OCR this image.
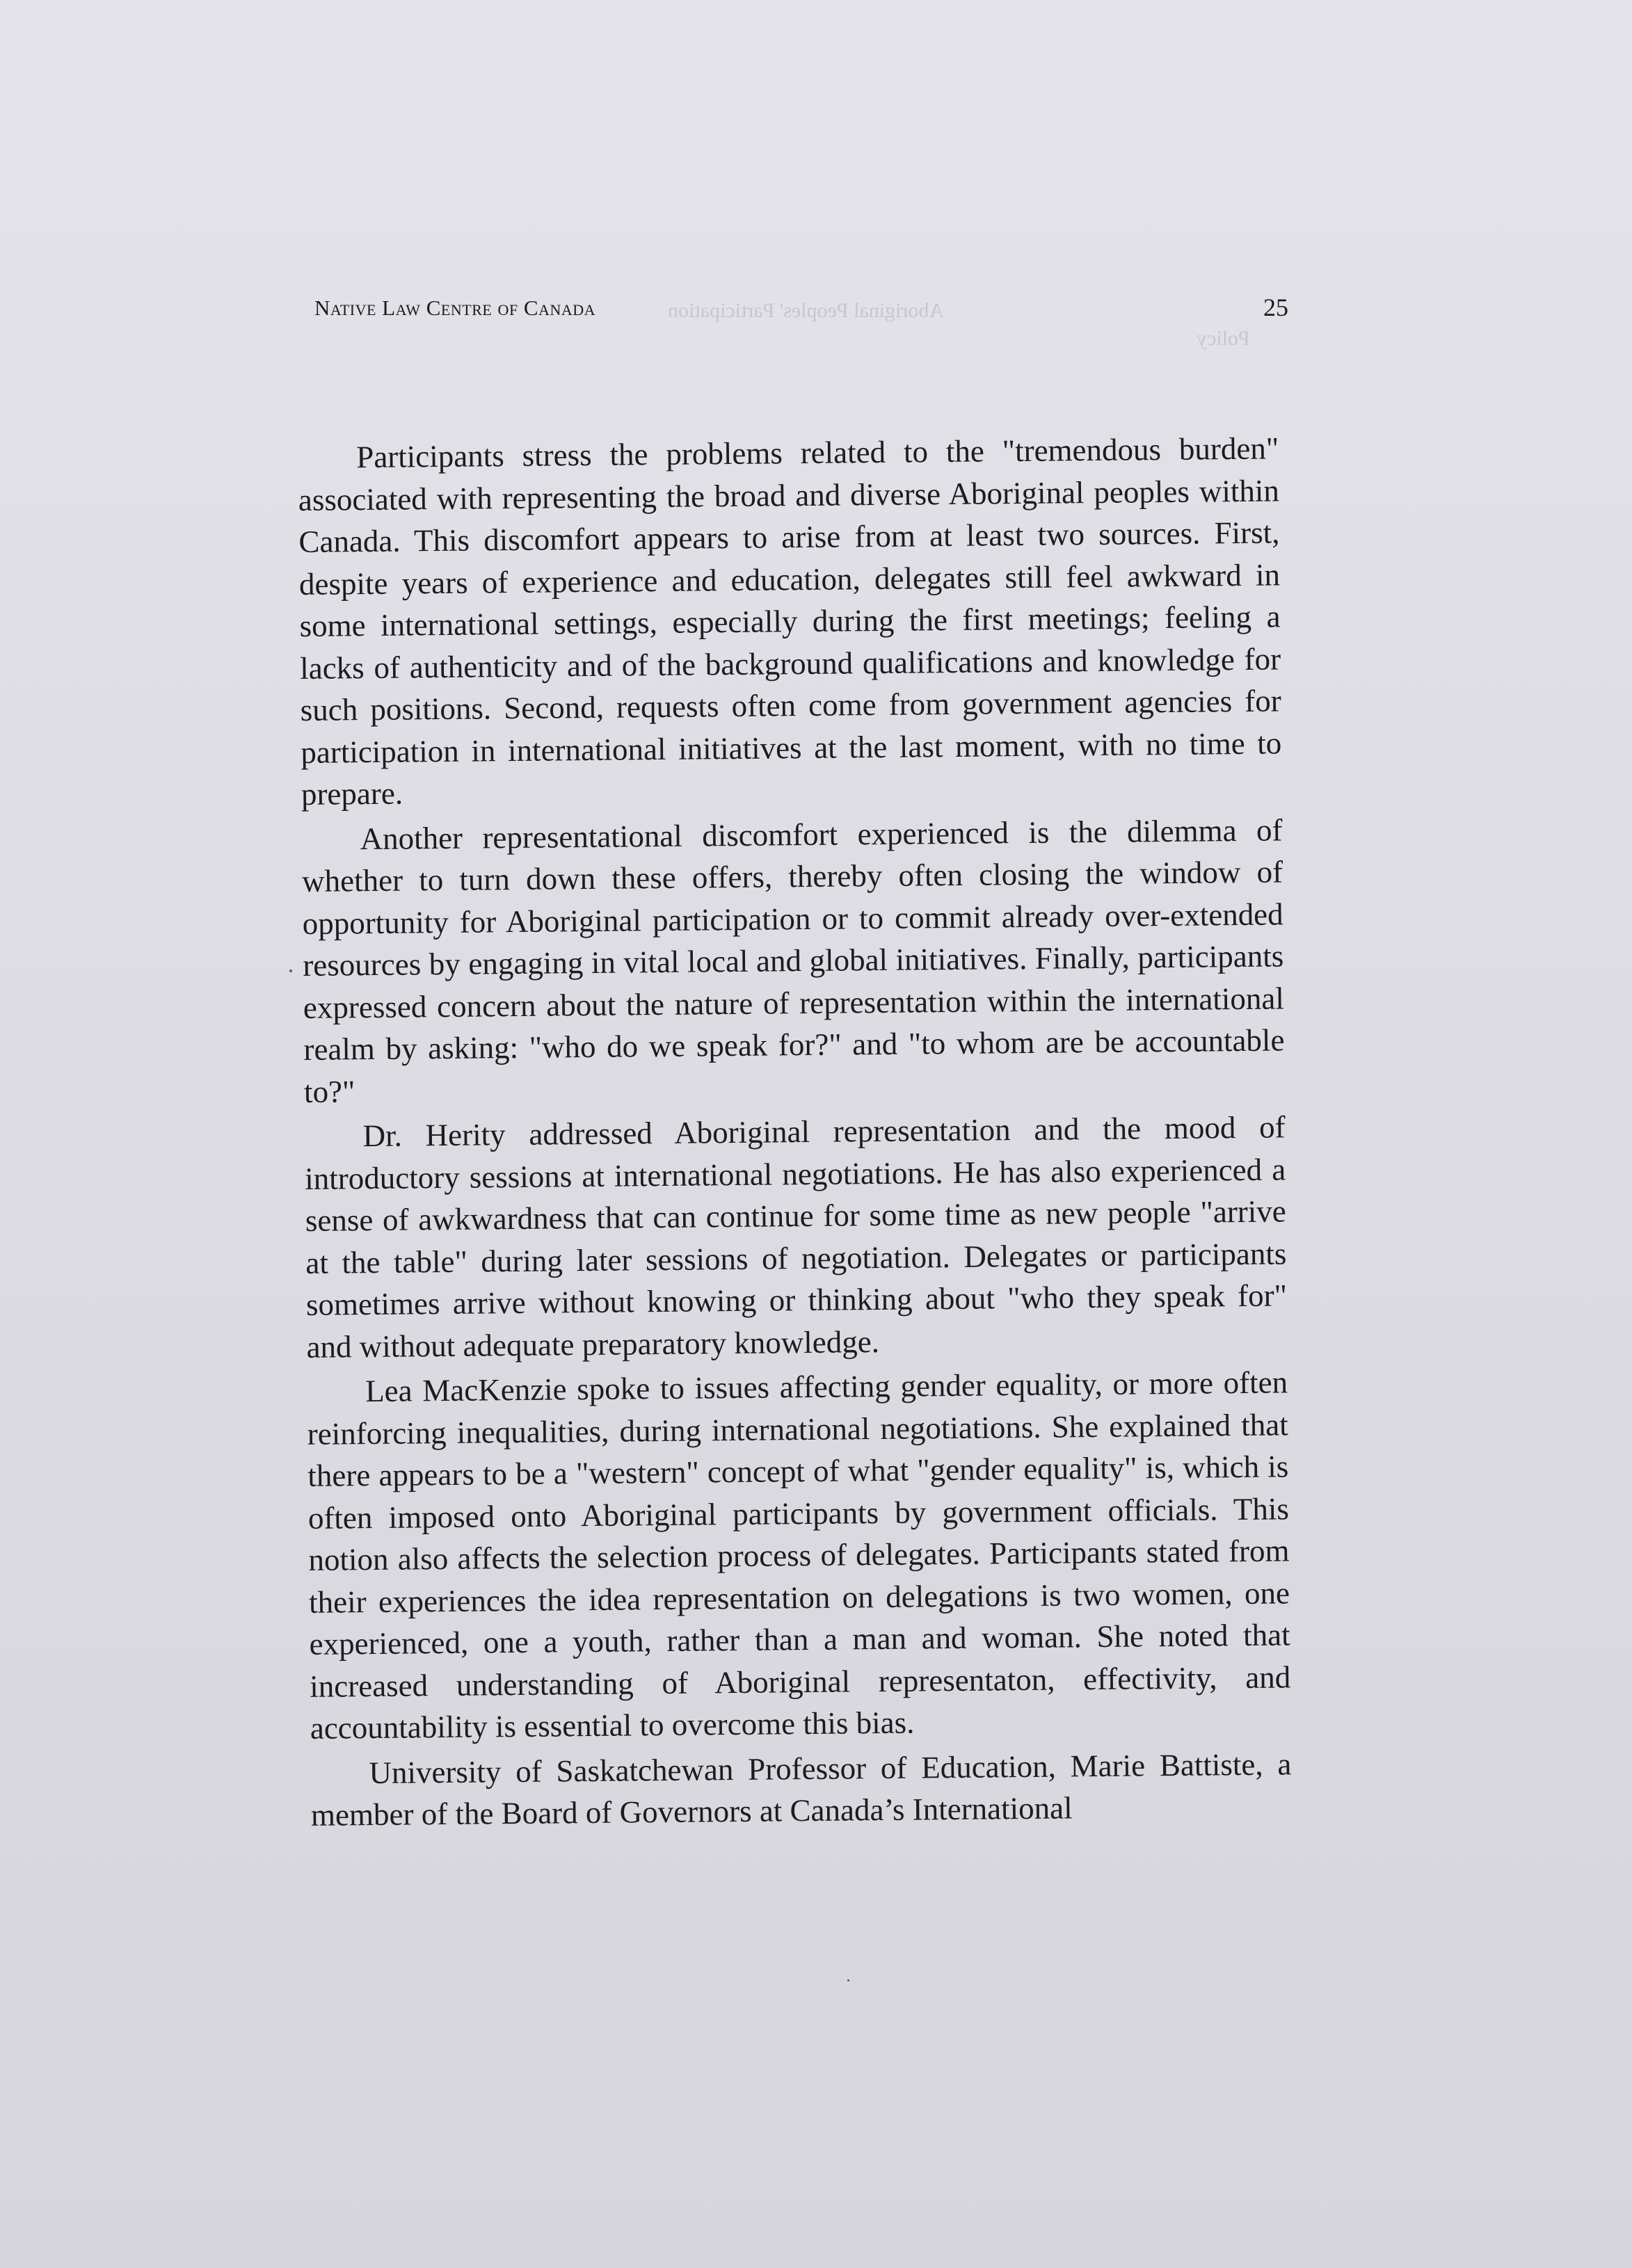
Aboriginal Peoples' Participation
Policy
Native Law Centre of Canada	25

Participants stress the problems related to the "tremendous burden" associated with representing the broad and diverse Aboriginal peoples within Canada. This discomfort appears to arise from at least two sources. First, despite years of experience and education, delegates still feel awkward in some international settings, especially during the first meetings; feeling a lacks of authenticity and of the background qualifications and knowledge for such positions. Second, requests often come from government agencies for participation in international initiatives at the last moment, with no time to prepare.

Another representational discomfort experienced is the dilemma of whether to turn down these offers, thereby often closing the window of opportunity for Aboriginal participation or to commit already over-extended resources by engaging in vital local and global initiatives. Finally, participants expressed concern about the nature of representation within the international realm by asking: "who do we speak for?" and "to whom are be accountable to?"

Dr. Herity addressed Aboriginal representation and the mood of introductory sessions at international negotiations. He has also experienced a sense of awkwardness that can continue for some time as new people "arrive at the table" during later sessions of negotiation. Delegates or participants sometimes arrive without knowing or thinking about "who they speak for" and without adequate preparatory knowledge.

Lea MacKenzie spoke to issues affecting gender equality, or more often reinforcing inequalities, during international negotiations. She explained that there appears to be a "western" concept of what "gender equality" is, which is often imposed onto Aboriginal participants by government officials. This notion also affects the selection process of delegates. Participants stated from their experiences the idea representation on delegations is two women, one experienced, one a youth, rather than a man and woman. She noted that increased understanding of Aboriginal representaton, effectivity, and accountability is essential to overcome this bias.

University of Saskatchewan Professor of Education, Marie Battiste, a member of the Board of Governors at Canada’s International
